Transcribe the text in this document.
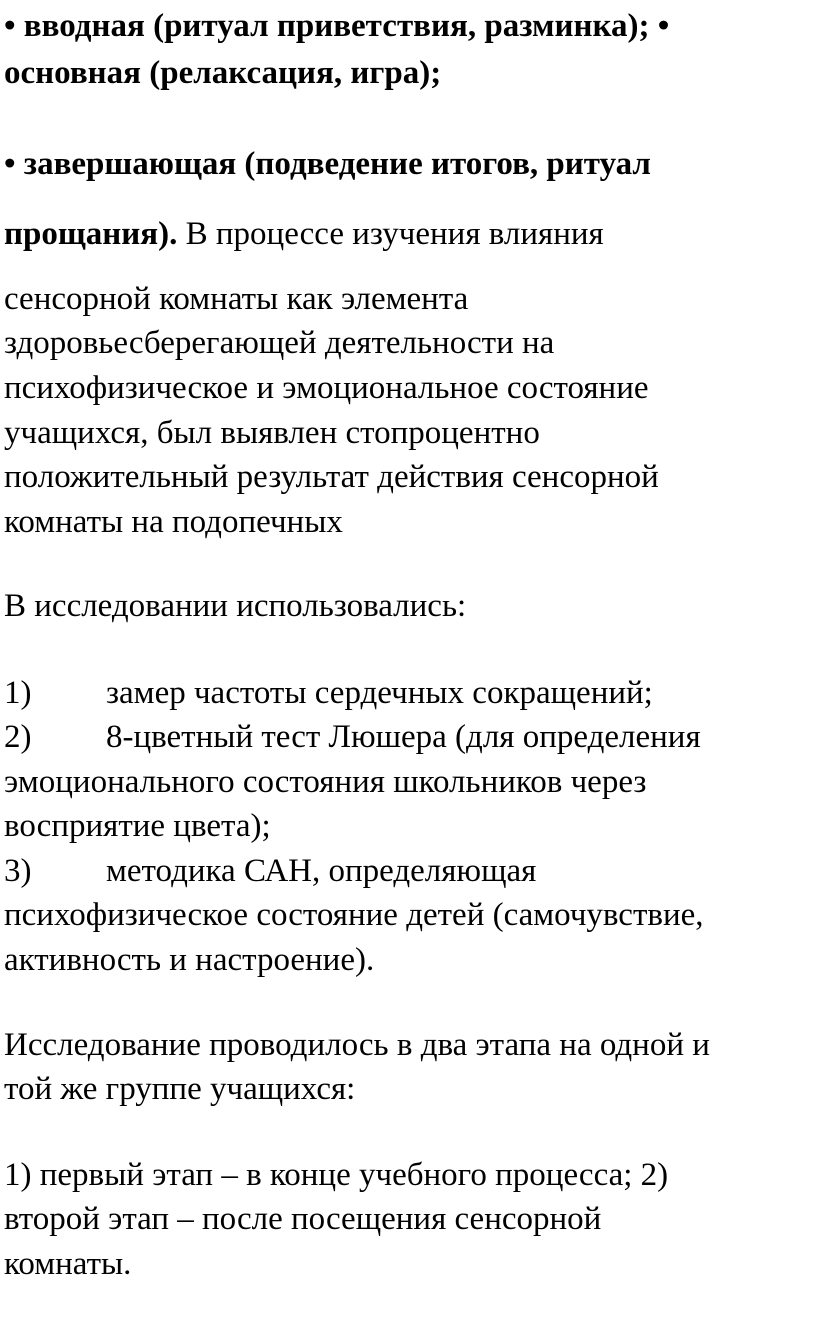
• вводная (ритуал приветствия, разминка); •
основная (релаксация, игра);
• завершающая (подведение итогов, ритуал
прощания). В процессе изучения влияния
сенсорной комнаты как элемента
здоровьесберегающей деятельности на
психофизическое и эмоциональное состояние
учащихся, был выявлен стопроцентно
положительный результат действия сенсорной
комнаты на подопечных
В исследовании использовались:
1) замер частоты сердечных сокращений;
2) 8-цветный тест Люшера (для определения
эмоционального состояния школьников через
восприятие цвета);
3) методика САН, определяющая
психофизическое состояние детей (самочувствие,
активность и настроение).
Исследование проводилось в два этапа на одной и
той же группе учащихся:
1) первый этап – в конце учебного процесса; 2)
второй этап – после посещения сенсорной
комнаты.
